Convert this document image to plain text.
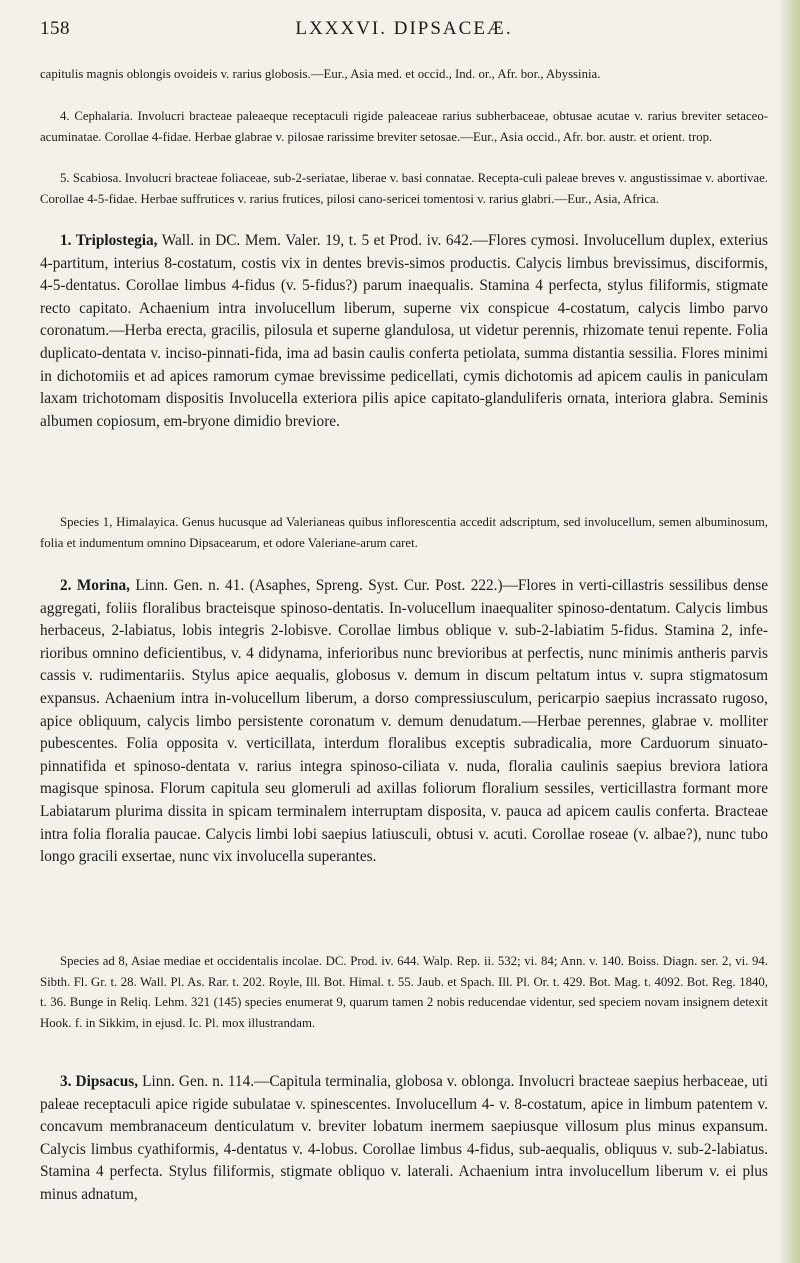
158	LXXXVI. DIPSACEÆ.
capitulis magnis oblongis ovoideis v. rarius globosis.—Eur., Asia med. et occid., Ind. or., Afr. bor., Abyssinia.
4. Cephalaria. Involucri bracteae paleaeque receptaculi rigide paleaceae rarius subherbaceae, obtusae acutae v. rarius breviter setaceo-acuminatae. Corollae 4-fidae. Herbae glabrae v. pilosae rarissime breviter setosae.—Eur., Asia occid., Afr. bor. austr. et orient. trop.
5. Scabiosa. Involucri bracteae foliaceae, sub-2-seriatae, liberae v. basi connatae. Recepta-culi paleae breves v. angustissimae v. abortivae. Corollae 4-5-fidae. Herbae suffrutices v. rarius frutices, pilosi cano-sericei tomentosi v. rarius glabri.—Eur., Asia, Africa.
1. Triplostegia, Wall. in DC. Mem. Valer. 19, t. 5 et Prod. iv. 642.—Flores cymosi. Involucellum duplex, exterius 4-partitum, interius 8-costatum, costis vix in dentes brevis-simos productis. Calycis limbus brevissimus, disciformis, 4-5-dentatus. Corollae limbus 4-fidus (v. 5-fidus?) parum inaequalis. Stamina 4 perfecta, stylus filiformis, stigmate recto capitato. Achaenium intra involucellum liberum, superne vix conspicue 4-costatum, calycis limbo parvo coronatum.—Herba erecta, gracilis, pilosula et superne glandulosa, ut videtur perennis, rhizomate tenui repente. Folia duplicato-dentata v. inciso-pinnati-fida, ima ad basin caulis conferta petiolata, summa distantia sessilia. Flores minimi in dichotomiis et ad apices ramorum cymae brevissime pedicellati, cymis dichotomis ad apicem caulis in paniculam laxam trichotomam dispositis Involucella exteriora pilis apice capitato-glanduliferis ornata, interiora glabra. Seminis albumen copiosum, em-bryone dimidio breviore.
Species 1, Himalayica. Genus hucusque ad Valerianeas quibus inflorescentia accedit adscriptum, sed involucellum, semen albuminosum, folia et indumentum omnino Dipsacearum, et odore Valeriane-arum caret.
2. Morina, Linn. Gen. n. 41. (Asaphes, Spreng. Syst. Cur. Post. 222.)—Flores in verti-cillastris sessilibus dense aggregati, foliis floralibus bracteisque spinoso-dentatis. In-volucellum inaequaliter spinoso-dentatum. Calycis limbus herbaceus, 2-labiatus, lobis integris 2-lobisve. Corollae limbus oblique v. sub-2-labiatim 5-fidus. Stamina 2, infe-rioribus omnino deficientibus, v. 4 didynama, inferioribus nunc brevioribus at perfectis, nunc minimis antheris parvis cassis v. rudimentariis. Stylus apice aequalis, globosus v. demum in discum peltatum intus v. supra stigmatosum expansus. Achaenium intra in-volucellum liberum, a dorso compressiusculum, pericarpio saepius incrassato rugoso, apice obliquum, calycis limbo persistente coronatum v. demum denudatum.—Herbae perennes, glabrae v. molliter pubescentes. Folia opposita v. verticillata, interdum floralibus exceptis subradicalia, more Carduorum sinuato-pinnatifida et spinoso-dentata v. rarius integra spinoso-ciliata v. nuda, floralia caulinis saepius breviora latiora magisque spinosa. Florum capitula seu glomeruli ad axillas foliorum floralium sessiles, verticillastra formant more Labiatarum plurima dissita in spicam terminalem interruptam disposita, v. pauca ad apicem caulis conferta. Bracteae intra folia floralia paucae. Calycis limbi lobi saepius latiusculi, obtusi v. acuti. Corollae roseae (v. albae?), nunc tubo longo gracili exsertae, nunc vix involucella superantes.
Species ad 8, Asiae mediae et occidentalis incolae. DC. Prod. iv. 644. Walp. Rep. ii. 532; vi. 84; Ann. v. 140. Boiss. Diagn. ser. 2, vi. 94. Sibth. Fl. Gr. t. 28. Wall. Pl. As. Rar. t. 202. Royle, Ill. Bot. Himal. t. 55. Jaub. et Spach. Ill. Pl. Or. t. 429. Bot. Mag. t. 4092. Bot. Reg. 1840, t. 36. Bunge in Reliq. Lehm. 321 (145) species enumerat 9, quarum tamen 2 nobis reducendae videntur, sed speciem novam insignem detexit Hook. f. in Sikkim, in ejusd. Ic. Pl. mox illustrandam.
3. Dipsacus, Linn. Gen. n. 114.—Capitula terminalia, globosa v. oblonga. Involucri bracteae saepius herbaceae, uti paleae receptaculi apice rigide subulatae v. spinescentes. Involucellum 4- v. 8-costatum, apice in limbum patentem v. concavum membranaceum denticulatum v. breviter lobatum inermem saepiusque villosum plus minus expansum. Calycis limbus cyathiformis, 4-dentatus v. 4-lobus. Corollae limbus 4-fidus, sub-aequalis, obliquus v. sub-2-labiatus. Stamina 4 perfecta. Stylus filiformis, stigmate obliquo v. laterali. Achaenium intra involucellum liberum v. ei plus minus adnatum,
